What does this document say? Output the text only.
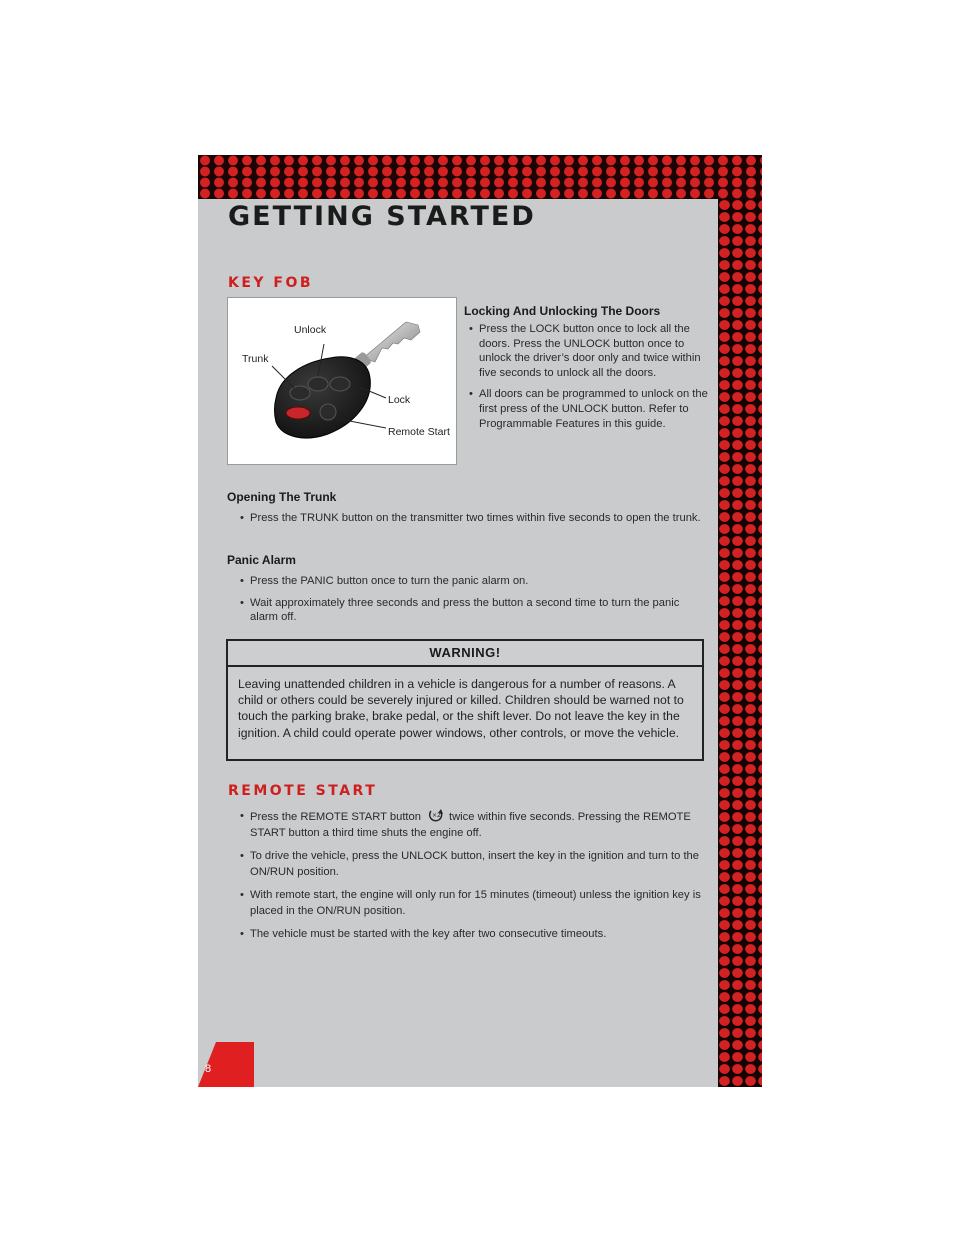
GETTING STARTED
KEY FOB
Unlock
Trunk
Lock
Remote Start
Locking And Unlocking The Doors
• Press the LOCK button once to lock all the doors. Press the UNLOCK button once to unlock the driver’s door only and twice within five seconds to unlock all the doors.
• All doors can be programmed to unlock on the first press of the UNLOCK button. Refer to Programmable Features in this guide.
Opening The Trunk
• Press the TRUNK button on the transmitter two times within five seconds to open the trunk.
Panic Alarm
• Press the PANIC button once to turn the panic alarm on.
• Wait approximately three seconds and press the button a second time to turn the panic alarm off.
WARNING!

Leaving unattended children in a vehicle is dangerous for a number of reasons. A child or others could be severely injured or killed. Children should be warned not to touch the parking brake, brake pedal, or the shift lever. Do not leave the key in the ignition. A child could operate power windows, other controls, or move the vehicle.

REMOTE START
• Press the REMOTE START button ×2 twice within five seconds. Pressing the REMOTE START button a third time shuts the engine off.
• To drive the vehicle, press the UNLOCK button, insert the key in the ignition and turn to the ON/RUN position.
• With remote start, the engine will only run for 15 minutes (timeout) unless the ignition key is placed in the ON/RUN position.
• The vehicle must be started with the key after two consecutive timeouts.
8
